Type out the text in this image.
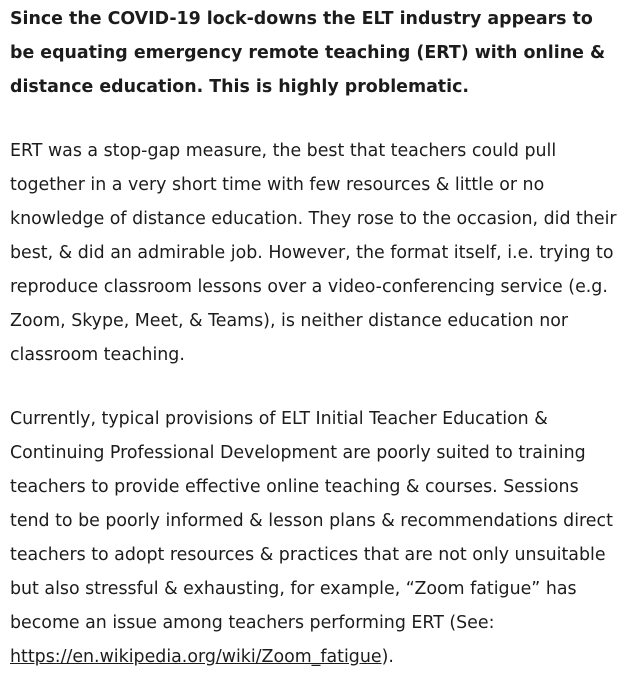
Since the COVID-19 lock-downs the ELT industry appears to be equating emergency remote teaching (ERT) with online & distance education. This is highly problematic.

ERT was a stop-gap measure, the best that teachers could pull together in a very short time with few resources & little or no knowledge of distance education. They rose to the occasion, did their best, & did an admirable job. However, the format itself, i.e. trying to reproduce classroom lessons over a video-conferencing service (e.g. Zoom, Skype, Meet, & Teams), is neither distance education nor classroom teaching.

Currently, typical provisions of ELT Initial Teacher Education & Continuing Professional Development are poorly suited to training teachers to provide effective online teaching & courses. Sessions tend to be poorly informed & lesson plans & recommendations direct teachers to adopt resources & practices that are not only unsuitable but also stressful & exhausting, for example, “Zoom fatigue” has become an issue among teachers performing ERT (See: https://en.wikipedia.org/wiki/Zoom_fatigue).
